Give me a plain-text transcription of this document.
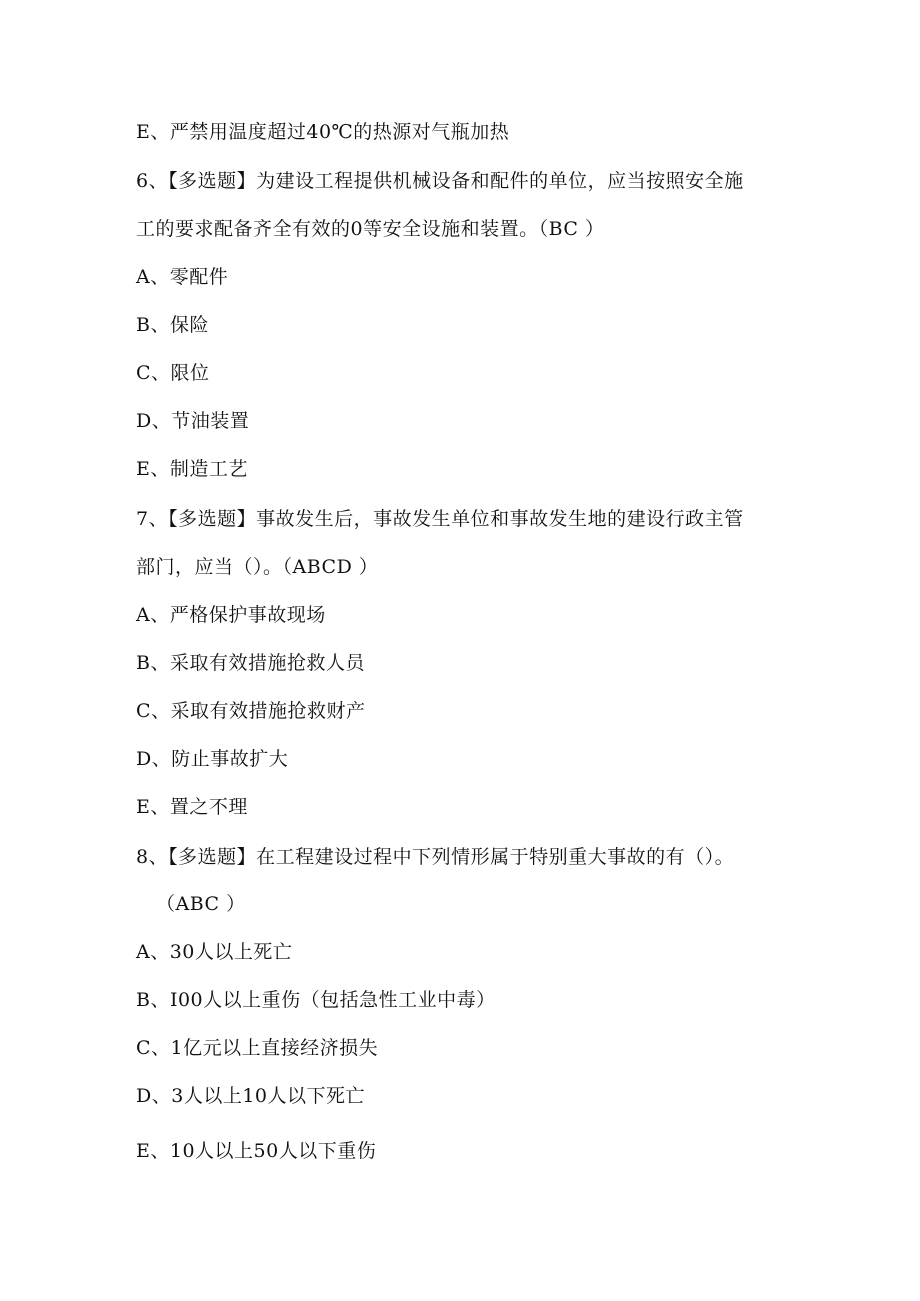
E、严禁用温度超过40℃的热源对气瓶加热
6、【多选题】为建设工程提供机械设备和配件的单位，应当按照安全施
工的要求配备齐全有效的0等安全设施和装置。（BC ）
A、零配件
B、保险
C、限位
D、节油装置
E、制造工艺
7、【多选题】事故发生后，事故发生单位和事故发生地的建设行政主管
部门，应当（）。（ABCD ）
A、严格保护事故现场
B、采取有效措施抢救人员
C、采取有效措施抢救财产
D、防止事故扩大
E、置之不理
8、【多选题】在工程建设过程中下列情形属于特别重大事故的有（）。
（ABC ）
A、30人以上死亡
B、I00人以上重伤（包括急性工业中毒）
C、1亿元以上直接经济损失
D、3人以上10人以下死亡
E、10人以上50人以下重伤
